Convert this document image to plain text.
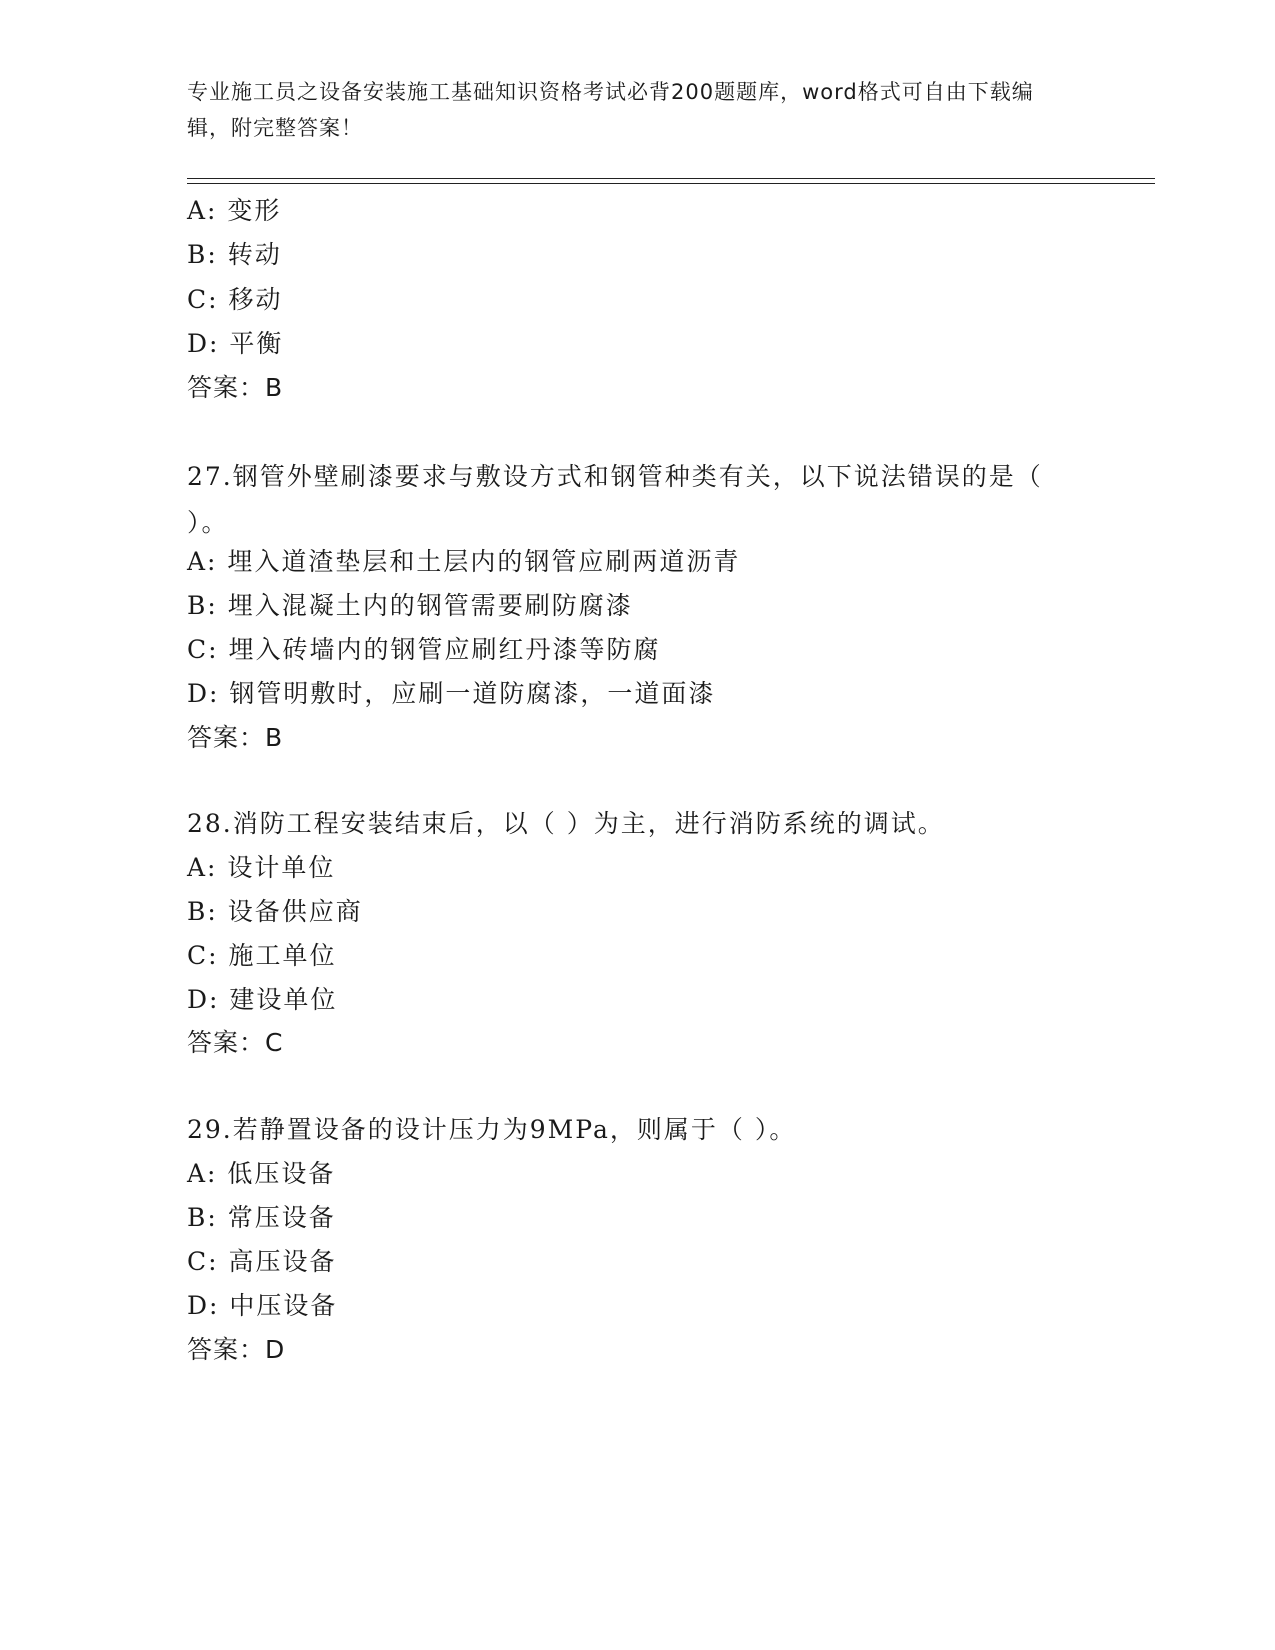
专业施工员之设备安装施工基础知识资格考试必背200题题库，word格式可自由下载编辑，附完整答案！
A: 变形
B: 转动
C: 移动
D: 平衡
答案：B
27.钢管外壁刷漆要求与敷设方式和钢管种类有关，以下说法错误的是（ ）。
A: 埋入道渣垫层和土层内的钢管应刷两道沥青
B: 埋入混凝土内的钢管需要刷防腐漆
C: 埋入砖墙内的钢管应刷红丹漆等防腐
D: 钢管明敷时，应刷一道防腐漆，一道面漆
答案：B
28.消防工程安装结束后，以（ ）为主，进行消防系统的调试。
A: 设计单位
B: 设备供应商
C: 施工单位
D: 建设单位
答案：C
29.若静置设备的设计压力为9MPa，则属于（ ）。
A: 低压设备
B: 常压设备
C: 高压设备
D: 中压设备
答案：D
